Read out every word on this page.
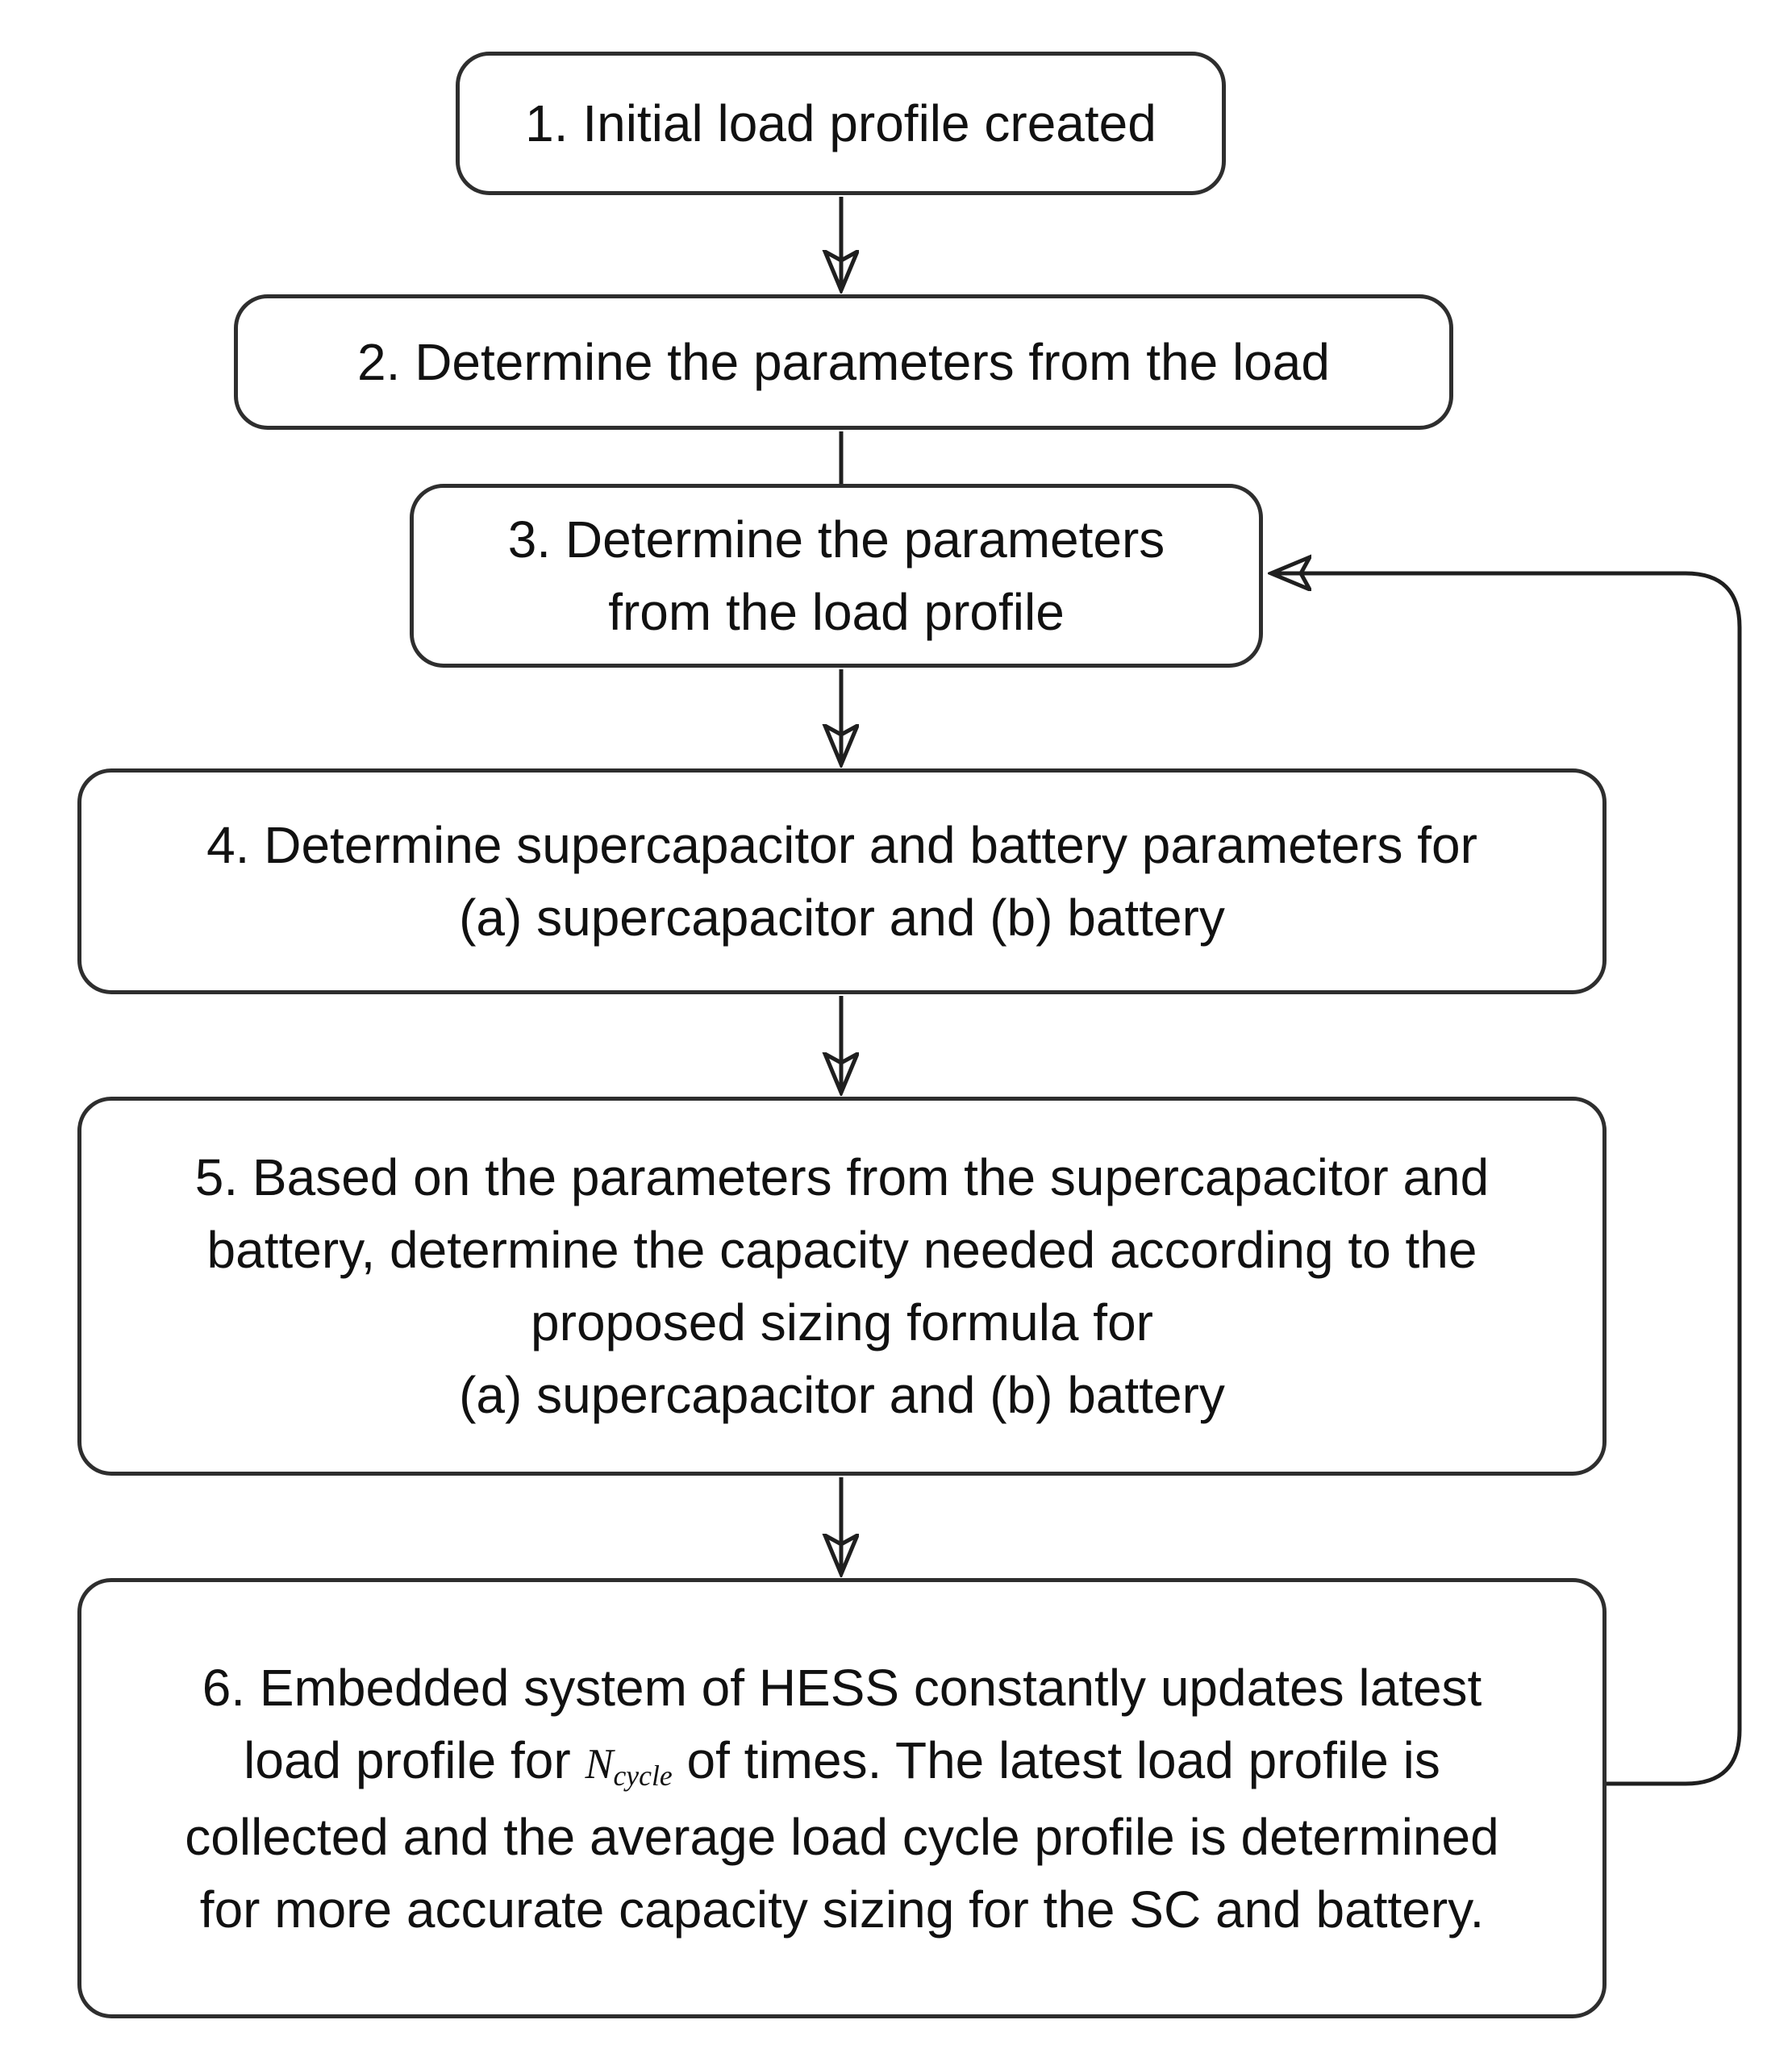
1. Initial load profile created
2. Determine the parameters from the load
3. Determine the parameters
from the load profile
4. Determine supercapacitor and battery parameters for
(a) supercapacitor and (b) battery
5. Based on the parameters from the supercapacitor and
battery, determine the capacity needed according to the
proposed sizing formula for
(a) supercapacitor and (b) battery
6. Embedded system of HESS constantly updates latest
load profile for $N_{cycle}$ of times. The latest load profile is
collected and the average load cycle profile is determined
for more accurate capacity sizing for the SC and battery.
